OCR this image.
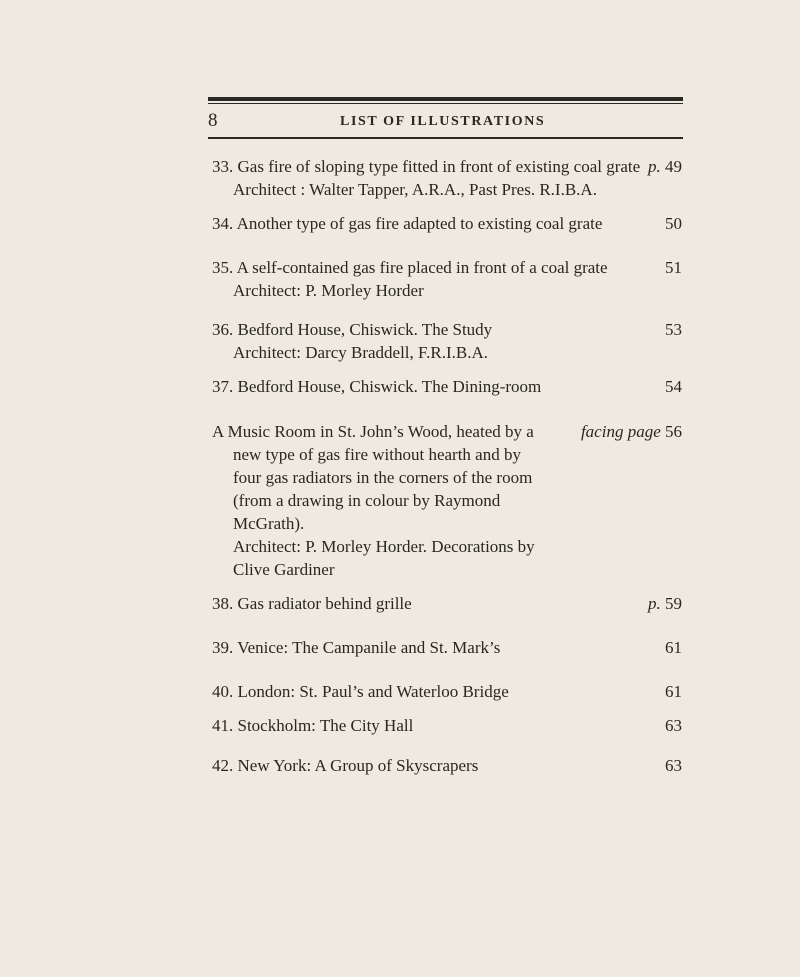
8	LIST OF ILLUSTRATIONS
33. Gas fire of sloping type fitted in front of existing coal grate p. 49
Architect : Walter Tapper, A.R.A., Past Pres. R.I.B.A.
34. Another type of gas fire adapted to existing coal grate	50
35. A self-contained gas fire placed in front of a coal grate	51
Architect: P. Morley Horder
36. Bedford House, Chiswick. The Study	53
Architect: Darcy Braddell, F.R.I.B.A.
37. Bedford House, Chiswick. The Dining-room	54
A Music Room in St. John’s Wood, heated by a	facing page 56
new type of gas fire without hearth and by
four gas radiators in the corners of the room
(from a drawing in colour by Raymond
McGrath).
Architect: P. Morley Horder. Decorations by
Clive Gardiner
38. Gas radiator behind grille	p. 59
39. Venice: The Campanile and St. Mark’s	61
40. London: St. Paul’s and Waterloo Bridge	61
41. Stockholm: The City Hall	63
42. New York: A Group of Skyscrapers	63
